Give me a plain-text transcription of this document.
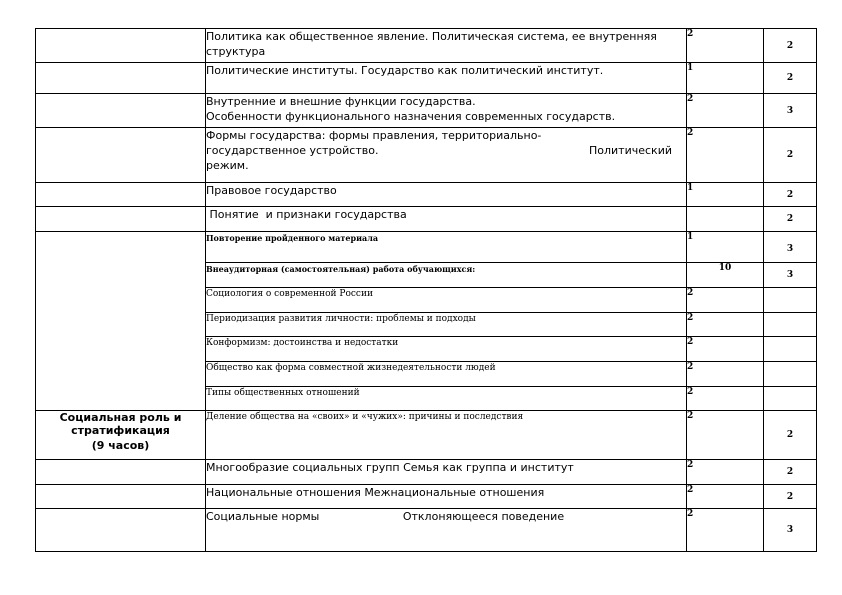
	Политика как общественное явление. Политическая система, ее внутренняя структура	2	2
	Политические институты. Государство как политический институт.	1	2

	Внутренние и внешние функции государства.
Особенности функционального назначения современных государств.	2	3

	Формы государства: формы правления, территориально-
государственное устройство. Политический
режим.	2	2
	Правовое государство	1	2
	Понятие  и признаки государства		2
	Повторение пройденного материала	1	3
	Внеаудиторная (самостоятельная) работа обучающихся:	10	3
	Социология о современной России	2	
	Периодизация развития личности: проблемы и подходы	2	
	Конформизм: достоинства и недостатки	2	
	Общество как форма совместной жизнедеятельности людей	2	
	Типы общественных отношений	2	

Социальная роль и
стратификация
(9 часов)	Деление общества на «своих» и «чужих»: причины и последствия	2	2
	Многообразие социальных групп Семья как группа и институт	2	2
	Национальные отношения Межнациональные отношения	2	2
	Социальные нормы Отклоняющееся поведение	2	3
